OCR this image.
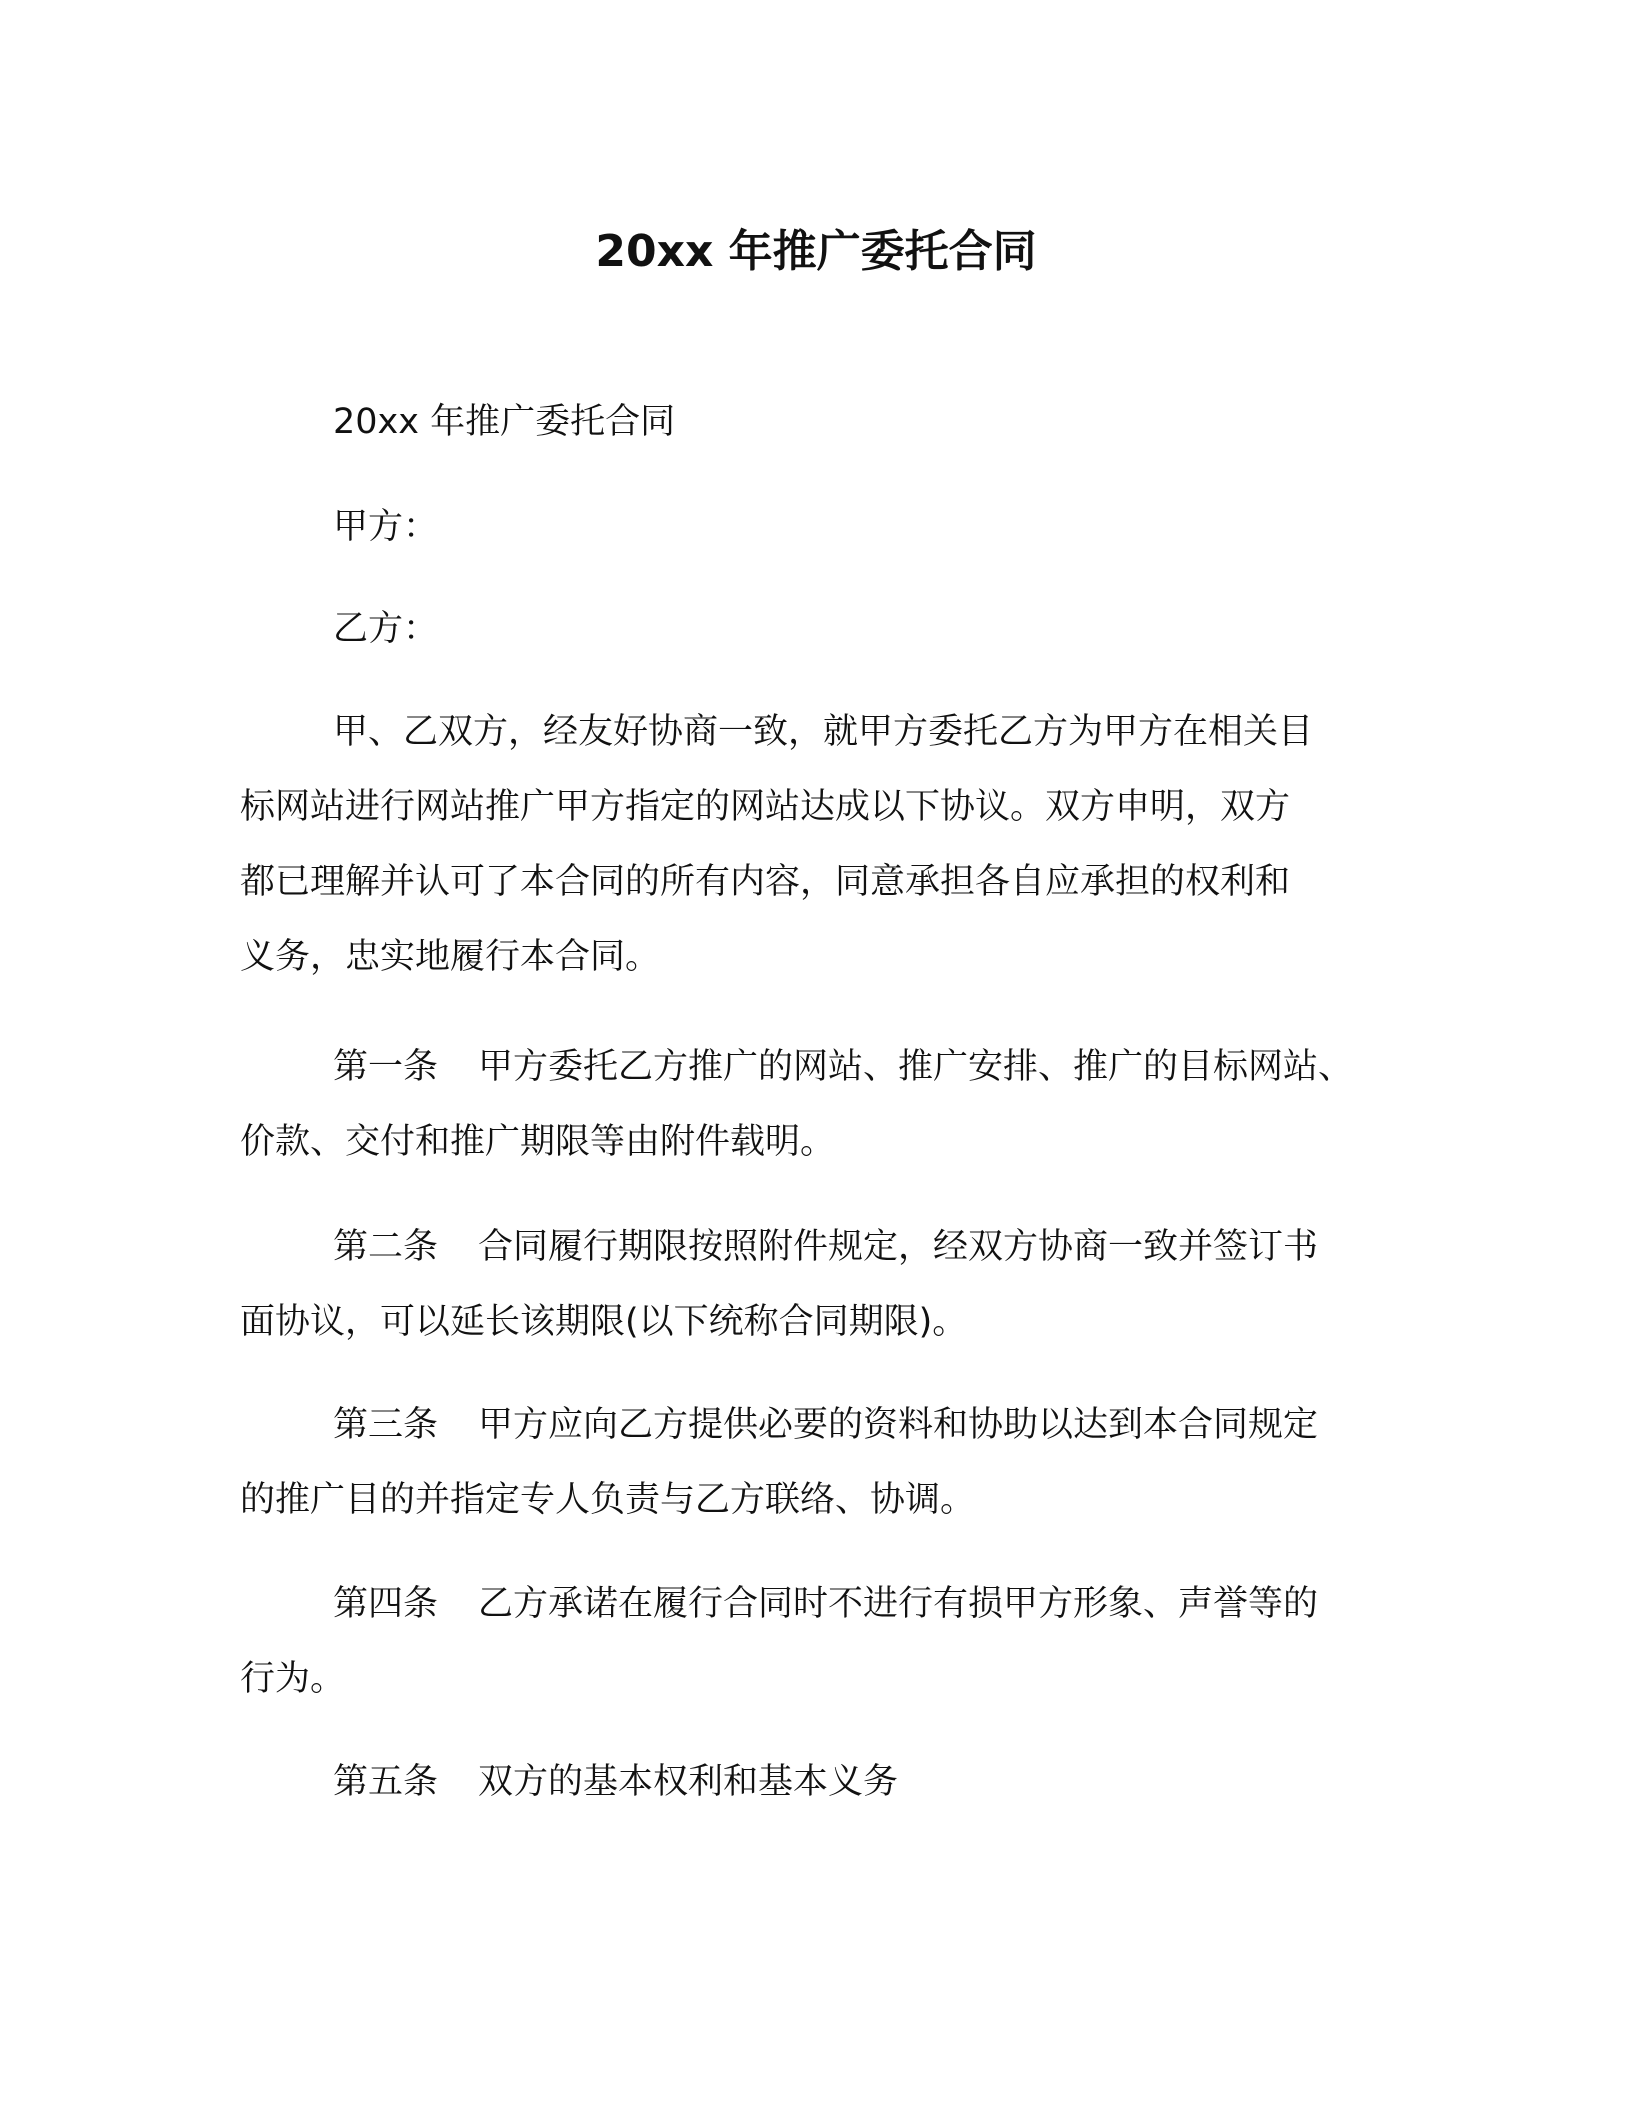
20xx 年推广委托合同
20xx 年推广委托合同
甲方：
乙方：
甲、乙双方，经友好协商一致，就甲方委托乙方为甲方在相关目
标网站进行网站推广甲方指定的网站达成以下协议。双方申明，双方
都已理解并认可了本合同的所有内容，同意承担各自应承担的权利和
义务，忠实地履行本合同。
第一条 甲方委托乙方推广的网站、推广安排、推广的目标网站、
价款、交付和推广期限等由附件载明。
第二条 合同履行期限按照附件规定，经双方协商一致并签订书
面协议，可以延长该期限(以下统称合同期限)。
第三条 甲方应向乙方提供必要的资料和协助以达到本合同规定
的推广目的并指定专人负责与乙方联络、协调。
第四条 乙方承诺在履行合同时不进行有损甲方形象、声誉等的
行为。
第五条 双方的基本权利和基本义务
